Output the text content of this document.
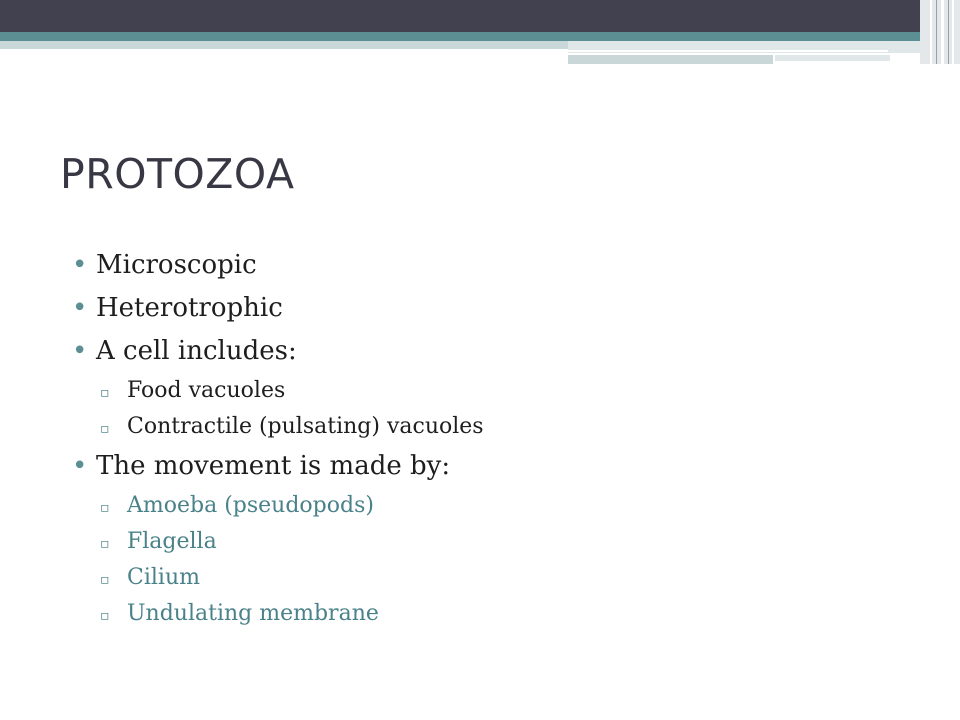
PROTOZOA
• Microscopic
• Heterotrophic
• A cell includes:
▫ Food vacuoles
▫ Contractile (pulsating) vacuoles
• The movement is made by:
▫ Amoeba (pseudopods)
▫ Flagella
▫ Cilium
▫ Undulating membrane
